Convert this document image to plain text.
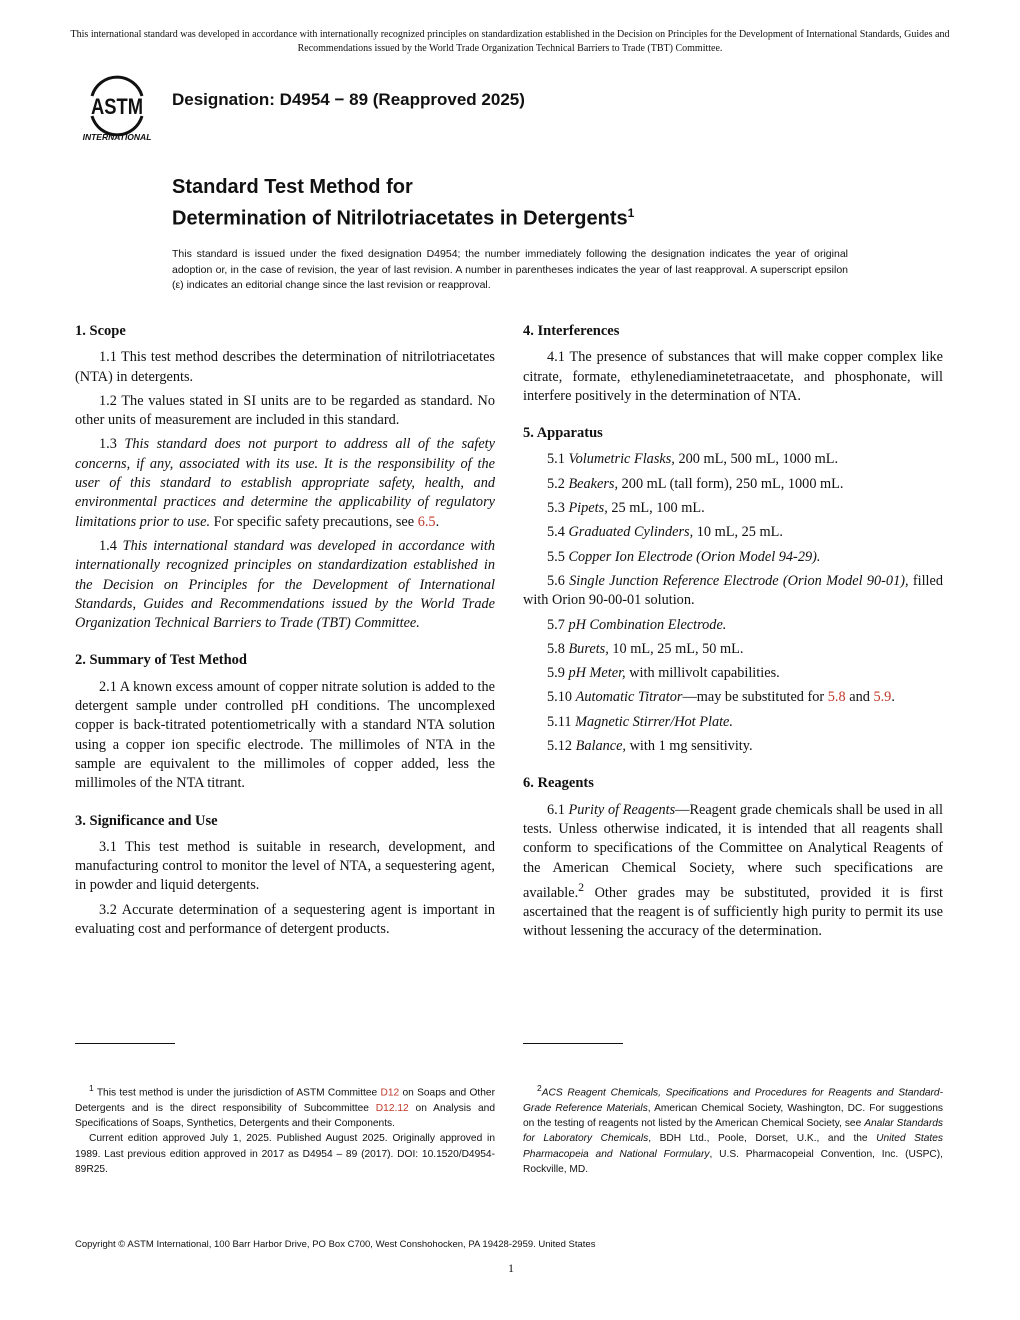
This international standard was developed in accordance with internationally recognized principles on standardization established in the Decision on Principles for the Development of International Standards, Guides and Recommendations issued by the World Trade Organization Technical Barriers to Trade (TBT) Committee.
ASTM
INTERNATIONAL
Designation: D4954 − 89 (Reapproved 2025)
Standard Test Method for
Determination of Nitrilotriacetates in Detergents$^1$
This standard is issued under the fixed designation D4954; the number immediately following the designation indicates the year of original adoption or, in the case of revision, the year of last revision. A number in parentheses indicates the year of last reapproval. A superscript epsilon (ε) indicates an editorial change since the last revision or reapproval.
1. Scope
1.1 This test method describes the determination of nitrilotriacetates (NTA) in detergents.
1.2 The values stated in SI units are to be regarded as standard. No other units of measurement are included in this standard.
1.3 This standard does not purport to address all of the safety concerns, if any, associated with its use. It is the responsibility of the user of this standard to establish appropriate safety, health, and environmental practices and determine the applicability of regulatory limitations prior to use. For specific safety precautions, see 6.5.
1.4 This international standard was developed in accordance with internationally recognized principles on standardization established in the Decision on Principles for the Development of International Standards, Guides and Recommendations issued by the World Trade Organization Technical Barriers to Trade (TBT) Committee.
2. Summary of Test Method
2.1 A known excess amount of copper nitrate solution is added to the detergent sample under controlled pH conditions. The uncomplexed copper is back-titrated potentiometrically with a standard NTA solution using a copper ion specific electrode. The millimoles of NTA in the sample are equivalent to the millimoles of copper added, less the millimoles of the NTA titrant.
3. Significance and Use
3.1 This test method is suitable in research, development, and manufacturing control to monitor the level of NTA, a sequestering agent, in powder and liquid detergents.
3.2 Accurate determination of a sequestering agent is important in evaluating cost and performance of detergent products.
4. Interferences
4.1 The presence of substances that will make copper complex like citrate, formate, ethylenediaminetetraacetate, and phosphonate, will interfere positively in the determination of NTA.
5. Apparatus
5.1 Volumetric Flasks, 200 mL, 500 mL, 1000 mL.
5.2 Beakers, 200 mL (tall form), 250 mL, 1000 mL.
5.3 Pipets, 25 mL, 100 mL.
5.4 Graduated Cylinders, 10 mL, 25 mL.
5.5 Copper Ion Electrode (Orion Model 94-29).
5.6 Single Junction Reference Electrode (Orion Model 90-01), filled with Orion 90-00-01 solution.
5.7 pH Combination Electrode.
5.8 Burets, 10 mL, 25 mL, 50 mL.
5.9 pH Meter, with millivolt capabilities.
5.10 Automatic Titrator—may be substituted for 5.8 and 5.9.
5.11 Magnetic Stirrer/Hot Plate.
5.12 Balance, with 1 mg sensitivity.
6. Reagents
6.1 Purity of Reagents—Reagent grade chemicals shall be used in all tests. Unless otherwise indicated, it is intended that all reagents shall conform to specifications of the Committee on Analytical Reagents of the American Chemical Society, where such specifications are available.$^2$ Other grades may be substituted, provided it is first ascertained that the reagent is of sufficiently high purity to permit its use without lessening the accuracy of the determination.
$^1$ This test method is under the jurisdiction of ASTM Committee D12 on Soaps and Other Detergents and is the direct responsibility of Subcommittee D12.12 on Analysis and Specifications of Soaps, Synthetics, Detergents and their Components.
Current edition approved July 1, 2025. Published August 2025. Originally approved in 1989. Last previous edition approved in 2017 as D4954 – 89 (2017). DOI: 10.1520/D4954-89R25.
$^2$ACS Reagent Chemicals, Specifications and Procedures for Reagents and Standard-Grade Reference Materials, American Chemical Society, Washington, DC. For suggestions on the testing of reagents not listed by the American Chemical Society, see Analar Standards for Laboratory Chemicals, BDH Ltd., Poole, Dorset, U.K., and the United States Pharmacopeia and National Formulary, U.S. Pharmacopeial Convention, Inc. (USPC), Rockville, MD.
Copyright © ASTM International, 100 Barr Harbor Drive, PO Box C700, West Conshohocken, PA 19428-2959. United States
1
